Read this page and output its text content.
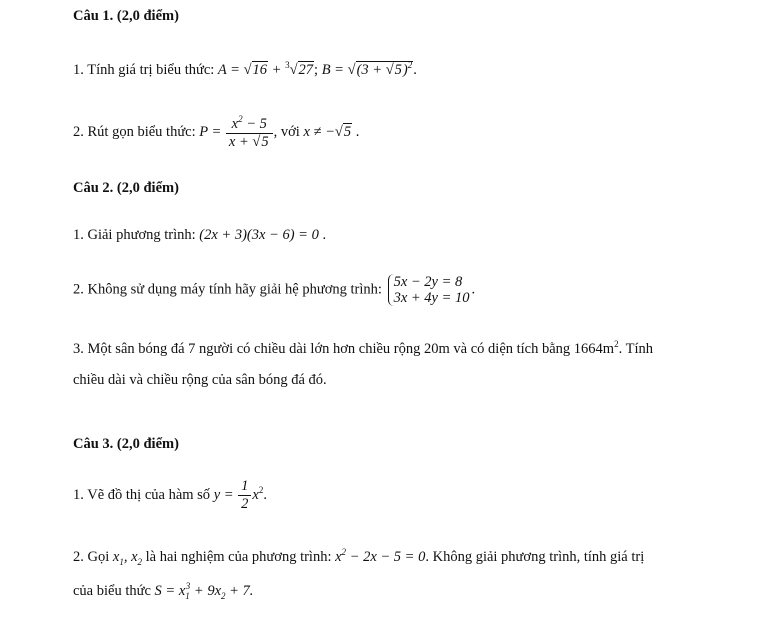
Câu 1. (2,0 điểm)
1. Tính giá trị biểu thức: A = √16 + $^3$√27; $B = √(3 + √5)^2$.
2. Rút gọn biểu thức: $P = \frac{x^2 - 5}{x + √5}$ , với x ≠ −√5 .
Câu 2. (2,0 điểm)
1. Giải phương trình: (2x + 3)(3x − 6) = 0 .
2. Không sử dụng máy tính hãy giải hệ phương trình: 5x − 2y = 8
3x + 4y = 10
.
3. Một sân bóng đá 7 người có chiều dài lớn hơn chiều rộng 20m và có diện tích bằng $1664m^2$. Tính
chiều dài và chiều rộng của sân bóng đá đó.
Câu 3. (2,0 điểm)
1. Vẽ đồ thị của hàm số $y = \frac{1}{2} x^2$.
2. Gọi $x_1$, $x_2$ là hai nghiệm của phương trình: $x^2 - 2x - 5 = 0$. Không giải phương trình, tính giá trị
của biểu thức $S = x_1^3 + 9x_2 + 7$.
